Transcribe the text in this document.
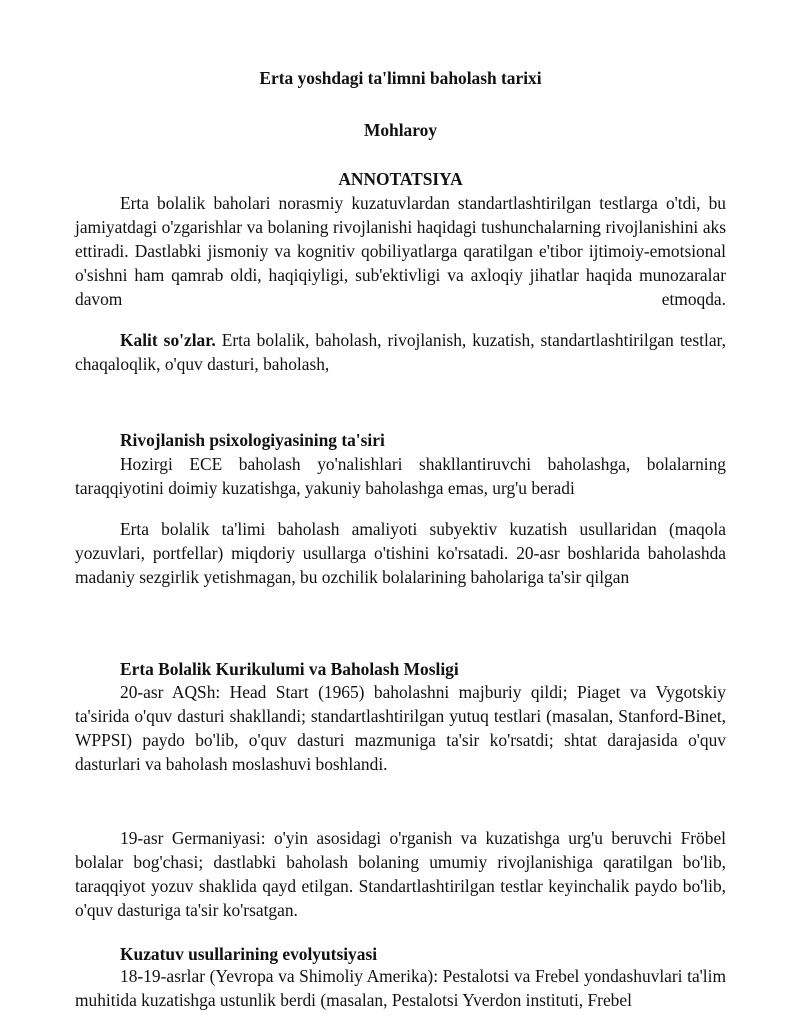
Erta yoshdagi ta'limni baholash tarixi
Mohlaroy
ANNOTATSIYA

Erta bolalik baholari norasmiy kuzatuvlardan standartlashtirilgan testlarga o'tdi, bu jamiyatdagi o'zgarishlar va bolaning rivojlanishi haqidagi tushunchalarning rivojlanishini aks ettiradi. Dastlabki jismoniy va kognitiv qobiliyatlarga qaratilgan e'tibor ijtimoiy-emotsional o'sishni ham qamrab oldi, haqiqiyligi, sub'ektivligi va axloqiy jihatlar haqida munozaralar davom etmoqda.

Kalit so'zlar. Erta bolalik, baholash, rivojlanish, kuzatish, standartlashtirilgan testlar, chaqaloqlik, o'quv dasturi, baholash,

Rivojlanish psixologiyasining ta'siri

Hozirgi ECE baholash yo'nalishlari shakllantiruvchi baholashga, bolalarning taraqqiyotini doimiy kuzatishga, yakuniy baholashga emas, urg'u beradi

Erta bolalik ta'limi baholash amaliyoti subyektiv kuzatish usullaridan (maqola yozuvlari, portfellar) miqdoriy usullarga o'tishini ko'rsatadi. 20-asr boshlarida baholashda madaniy sezgirlik yetishmagan, bu ozchilik bolalarining baholariga ta'sir qilgan

Erta Bolalik Kurikulumi va Baholash Mosligi

20-asr AQSh: Head Start (1965) baholashni majburiy qildi; Piaget va Vygotskiy ta'sirida o'quv dasturi shakllandi; standartlashtirilgan yutuq testlari (masalan, Stanford-Binet, WPPSI) paydo bo'lib, o'quv dasturi mazmuniga ta'sir ko'rsatdi; shtat darajasida o'quv dasturlari va baholash moslashuvi boshlandi.

19-asr Germaniyasi: o'yin asosidagi o'rganish va kuzatishga urg'u beruvchi Fröbel bolalar bog'chasi; dastlabki baholash bolaning umumiy rivojlanishiga qaratilgan bo'lib, taraqqiyot yozuv shaklida qayd etilgan. Standartlashtirilgan testlar keyinchalik paydo bo'lib, o'quv dasturiga ta'sir ko'rsatgan.

Kuzatuv usullarining evolyutsiyasi

18-19-asrlar (Yevropa va Shimoliy Amerika): Pestalotsi va Frebel yondashuvlari ta'lim muhitida kuzatishga ustunlik berdi (masalan, Pestalotsi Yverdon instituti, Frebel
